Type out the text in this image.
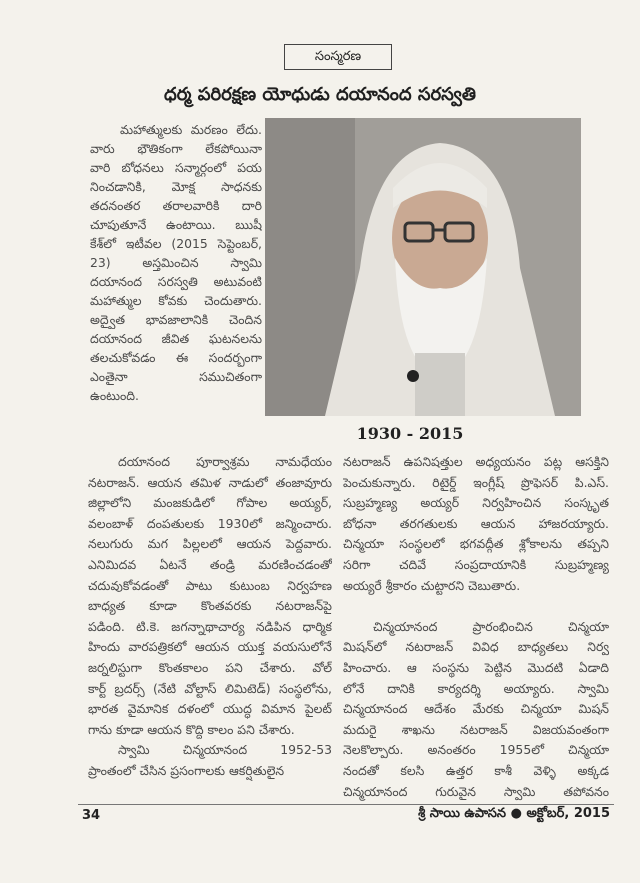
సంస్మరణ
ధర్మ పరిరక్షణ యోధుడు దయానంద సరస్వతి
మహాత్ములకు మరణం లేదు.
వారు భౌతికంగా లేకపోయినా
వారి బోధనలు సన్మార్గంలో పయ
నించడానికి, మోక్ష సాధనకు
తదనంతర తరాలవారికి దారి
చూపుతూనే ఉంటాయి. ఋషీ
కేశ్‌లో ఇటీవల (2015 సెప్టెంబర్,
23) అస్తమించిన స్వామి
దయానంద సరస్వతి అటువంటి
మహాత్ముల కోవకు చెందుతారు.
అద్వైత భావజాలానికి చెందిన
దయానంద జీవిత ఘటనలను
తలచుకోవడం ఈ సందర్భంగా
ఎంతైనా సముచితంగా
ఉంటుంది.
1930 - 2015
దయానంద పూర్వాశ్రమ నామధేయం
నటరాజన్. ఆయన తమిళ నాడులో తంజావూరు
జిల్లాలోని మంజకుడిలో గోపాల అయ్యర్,
వలంబాళ్ దంపతులకు 1930లో జన్మించారు.
నలుగురు మగ పిల్లలలో ఆయన పెద్దవారు.
ఎనిమిదవ ఏటనే తండ్రి మరణించడంతో
చదువుకోవడంతో పాటు కుటుంబ నిర్వహణ
బాధ్యత కూడా కొంతవరకు నటరాజన్‌పై
పడింది. టి.కె. జగన్నాథాచార్య నడిపిన ధార్మిక
హిందు వారపత్రికలో ఆయన యుక్త వయసులోనే
జర్నలిస్టుగా కొంతకాలం పని చేశారు. వోల్
కార్ట్ బ్రదర్స్ (నేటి వోల్టాస్ లిమిటెడ్) సంస్థలోను,
భారత వైమానిక దళంలో యుద్ధ విమాన పైలట్
గాను కూడా ఆయన కొద్ది కాలం పని చేశారు.
స్వామి చిన్మయానంద 1952-53
ప్రాంతంలో చేసిన ప్రసంగాలకు ఆకర్షితులైన
నటరాజన్ ఉపనిషత్తుల అధ్యయనం పట్ల ఆసక్తిని
పెంచుకున్నారు. రిటైర్డ్ ఇంగ్లీష్ ప్రొఫెసర్ పి.ఎస్.
సుబ్రహ్మణ్య అయ్యర్ నిర్వహించిన సంస్కృత
బోధనా తరగతులకు ఆయన హాజరయ్యారు.
చిన్మయా సంస్థలలో భగవద్గీత శ్లోకాలను తప్పని
సరిగా చదివే సంప్రదాయానికి సుబ్రహ్మణ్య
అయ్యరే శ్రీకారం చుట్టారని చెబుతారు.
చిన్మయానంద ప్రారంభించిన చిన్మయా
మిషన్‌లో నటరాజన్ వివిధ బాధ్యతలు నిర్వ
హించారు. ఆ సంస్థను పెట్టిన మొదటి ఏడాది
లోనే దానికి కార్యదర్శి అయ్యారు. స్వామి
చిన్మయానంద ఆదేశం మేరకు చిన్మయా మిషన్
మదురై శాఖను నటరాజన్ విజయవంతంగా
నెలకొల్పారు. అనంతరం 1955లో చిన్మయా
నందతో కలసి ఉత్తర కాశీ వెళ్ళి అక్కడ
చిన్మయానంద గురువైన స్వామి తపోవనం
34	శ్రీ సాయి ఉపాసన ● అక్టోబర్, 2015
